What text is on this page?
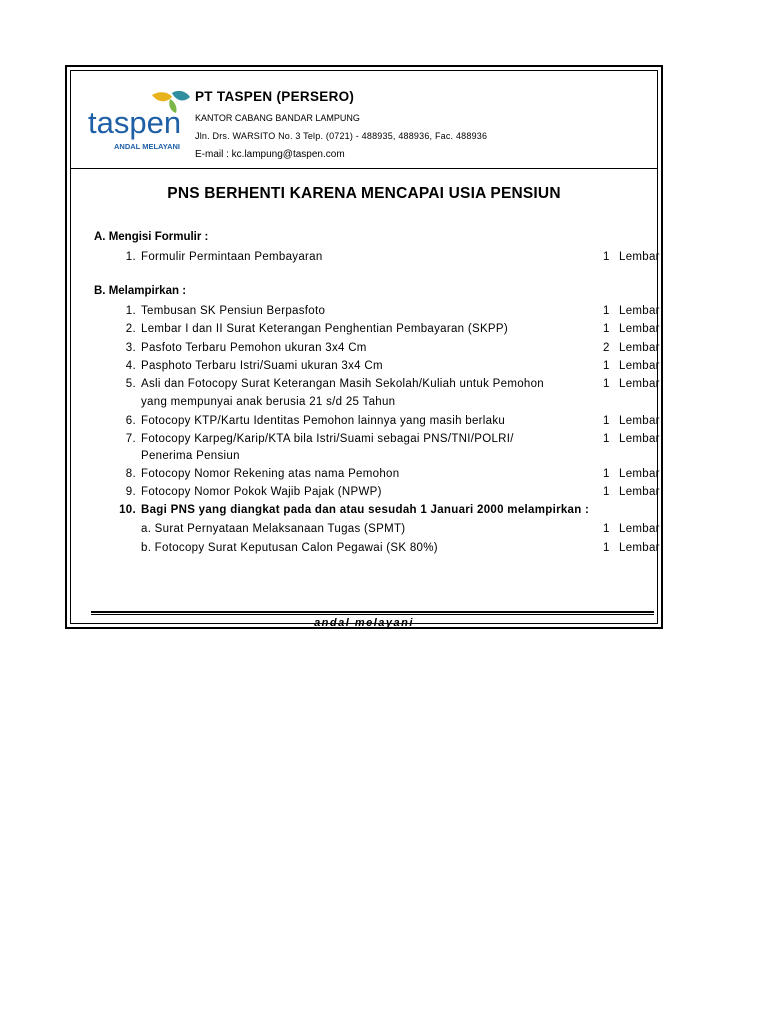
taspen
ANDAL MELAYANI
PT TASPEN (PERSERO)
KANTOR CABANG BANDAR LAMPUNG
Jln. Drs. WARSITO No. 3 Telp. (0721) - 488935, 488936, Fac. 488936
E-mail : kc.lampung@taspen.com
PNS BERHENTI KARENA MENCAPAI USIA PENSIUN
A. Mengisi Formulir :
1. Formulir Permintaan Pembayaran	1 Lembar
B. Melampirkan :
1. Tembusan SK Pensiun Berpasfoto	1 Lembar
2. Lembar I dan II Surat Keterangan Penghentian Pembayaran (SKPP)	1 Lembar
3. Pasfoto Terbaru Pemohon ukuran 3x4 Cm	2 Lembar
4. Pasphoto Terbaru Istri/Suami ukuran 3x4 Cm	1 Lembar
5. Asli dan Fotocopy Surat Keterangan Masih Sekolah/Kuliah untuk Pemohon	1 Lembar
yang mempunyai anak berusia 21 s/d 25 Tahun
6. Fotocopy KTP/Kartu Identitas Pemohon lainnya yang masih berlaku	1 Lembar
7. Fotocopy Karpeg/Karip/KTA bila Istri/Suami sebagai PNS/TNI/POLRI/	1 Lembar
Penerima Pensiun
8. Fotocopy Nomor Rekening atas nama Pemohon	1 Lembar
9. Fotocopy Nomor Pokok Wajib Pajak (NPWP)	1 Lembar
10. Bagi PNS yang diangkat pada dan atau sesudah 1 Januari 2000 melampirkan :
a. Surat Pernyataan Melaksanaan Tugas (SPMT)	1 Lembar
b. Fotocopy Surat Keputusan Calon Pegawai (SK 80%)	1 Lembar
andal melayani
